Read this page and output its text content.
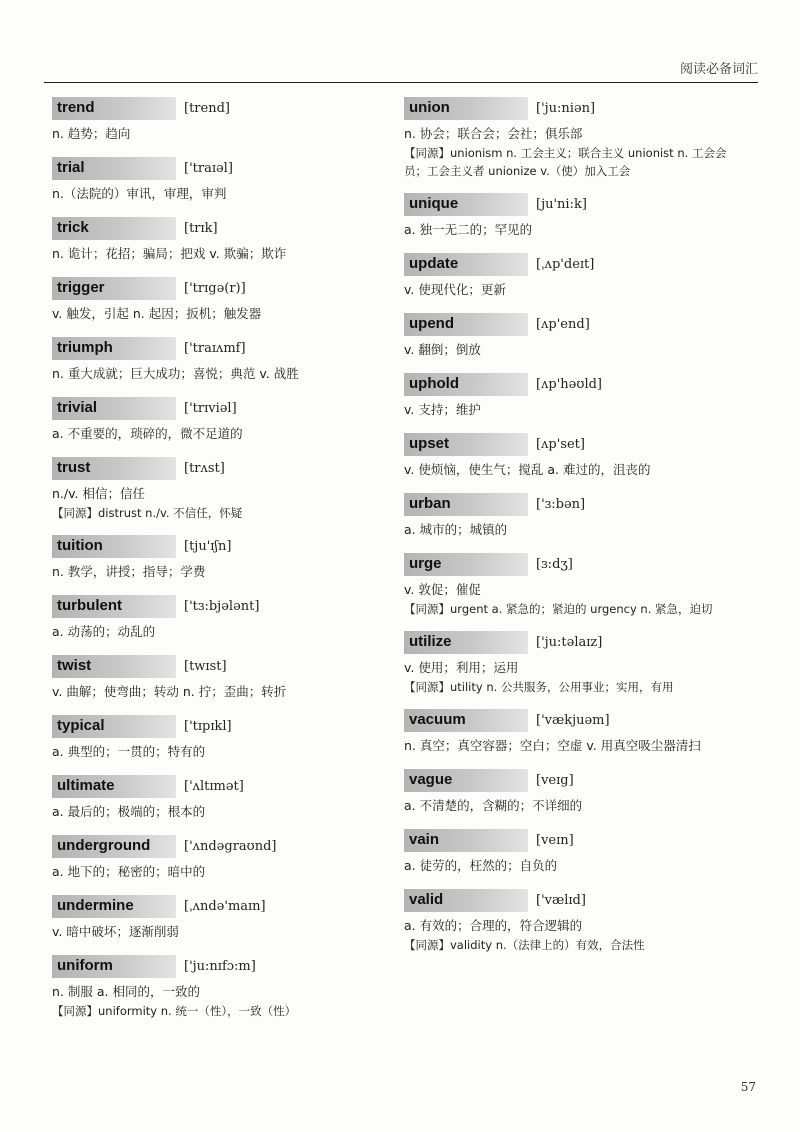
阅读必备词汇
trend	[trend]
n. 趋势；趋向
trial	['traɪəl]
n.（法院的）审讯，审理，审判
trick	[trɪk]
n. 诡计；花招；骗局；把戏 v. 欺骗；欺诈
trigger	['trɪgə(r)]
v. 触发，引起 n. 起因；扳机；触发器
triumph	['traɪʌmf]
n. 重大成就；巨大成功；喜悦；典范 v. 战胜
trivial	['trɪviəl]
a. 不重要的，琐碎的，微不足道的
trust	[trʌst]
n./v. 相信；信任
【同源】distrust n./v. 不信任，怀疑
tuition	[tju'ɪʃn]
n. 教学，讲授；指导；学费
turbulent	['tɜ:bjələnt]
a. 动荡的；动乱的
twist	[twɪst]
v. 曲解；使弯曲；转动 n. 拧；歪曲；转折
typical	['tɪpɪkl]
a. 典型的；一贯的；特有的
ultimate	['ʌltɪmət]
a. 最后的；极端的；根本的
underground	['ʌndəgraʊnd]
a. 地下的；秘密的；暗中的
undermine	[ˌʌndə'maɪn]
v. 暗中破坏；逐渐削弱
uniform	['ju:nɪfɔ:m]
n. 制服 a. 相同的，一致的
【同源】uniformity n. 统一（性），一致（性）
union	['ju:niən]
n. 协会；联合会；会社；俱乐部
【同源】unionism n. 工会主义；联合主义 unionist n. 工会会员；工会主义者 unionize v.（使）加入工会
unique	[ju'ni:k]
a. 独一无二的；罕见的
update	[ˌʌp'deɪt]
v. 使现代化；更新
upend	[ʌp'end]
v. 翻倒；倒放
uphold	[ʌp'həʊld]
v. 支持；维护
upset	[ʌp'set]
v. 使烦恼，使生气；搅乱 a. 难过的，沮丧的
urban	['ɜ:bən]
a. 城市的；城镇的
urge	[ɜ:dʒ]
v. 敦促；催促
【同源】urgent a. 紧急的；紧迫的 urgency n. 紧急，迫切
utilize	['ju:təlaɪz]
v. 使用；利用；运用
【同源】utility n. 公共服务，公用事业；实用，有用
vacuum	['vækjuəm]
n. 真空；真空容器；空白；空虚 v. 用真空吸尘器清扫
vague	[veɪg]
a. 不清楚的，含糊的；不详细的
vain	[veɪn]
a. 徒劳的，枉然的；自负的
valid	['vælɪd]
a. 有效的；合理的，符合逻辑的
【同源】validity n.（法律上的）有效，合法性
57
